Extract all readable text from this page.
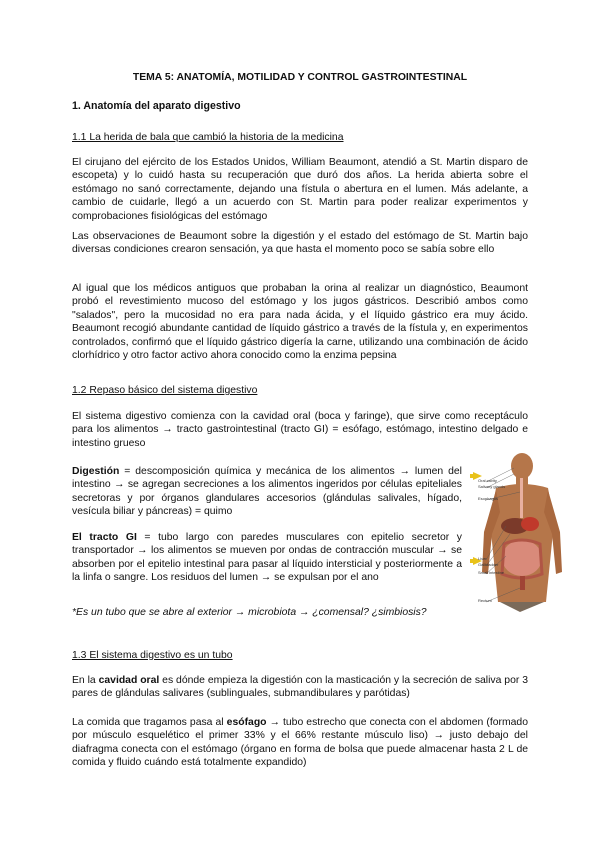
TEMA 5: ANATOMÍA, MOTILIDAD Y CONTROL GASTROINTESTINAL

1. Anatomía del aparato digestivo

1.1 La herida de bala que cambió la historia de la medicina

El cirujano del ejército de los Estados Unidos, William Beaumont, atendió a St. Martin disparo de escopeta) y lo cuidó hasta su recuperación que duró dos años. La herida abierta sobre el estómago no sanó correctamente, dejando una fístula o abertura en el lumen. Más adelante, a cambio de cuidarle, llegó a un acuerdo con St. Martin para poder realizar experimentos y comprobaciones fisiológicas del estómago

Las observaciones de Beaumont sobre la digestión y el estado del estómago de St. Martin bajo diversas condiciones crearon sensación, ya que hasta el momento poco se sabía sobre ello

Al igual que los médicos antiguos que probaban la orina al realizar un diagnóstico, Beaumont probó el revestimiento mucoso del estómago y los jugos gástricos. Describió ambos como "salados", pero la mucosidad no era para nada ácida, y el líquido gástrico era muy ácido. Beaumont recogió abundante cantidad de líquido gástrico a través de la fístula y, en experimentos controlados, confirmó que el líquido gástrico digería la carne, utilizando una combinación de ácido clorhídrico y otro factor activo ahora conocido como la enzima pepsina

1.2 Repaso básico del sistema digestivo

El sistema digestivo comienza con la cavidad oral (boca y faringe), que sirve como receptáculo para los alimentos → tracto gastrointestinal (tracto GI) = esófago, estómago, intestino delgado e intestino grueso

Digestión = descomposición química y mecánica de los alimentos → lumen del intestino → se agregan secreciones a los alimentos ingeridos por células epiteliales secretoras y por órganos glandulares accesorios (glándulas salivales, hígado, vesícula biliar y páncreas) = quimo

El tracto GI = tubo largo con paredes musculares con epitelio secretor y transportador → los alimentos se mueven por ondas de contracción muscular → se absorben por el epitelio intestinal para pasar al líquido intersticial y posteriormente a la linfa o sangre. Los residuos del lumen → se expulsan por el ano

*Es un tubo que se abre al exterior → microbiota → ¿comensal? ¿simbiosis?

1.3 El sistema digestivo es un tubo

En la cavidad oral es dónde empieza la digestión con la masticación y la secreción de saliva por 3 pares de glándulas salivares (sublinguales, submandibulares y parótidas)

La comida que tragamos pasa al esófago → tubo estrecho que conecta con el abdomen (formado por músculo esquelético el primer 33% y el 66% restante músculo liso) → justo debajo del diafragma conecta con el estómago (órgano en forma de bolsa que puede almacenar hasta 2 L de comida y fluido cuándo está totalmente expandido)

Oral cavity
Salivary glands
Esophagus
Liver
Gallbladder
Small intestine
Rectum
